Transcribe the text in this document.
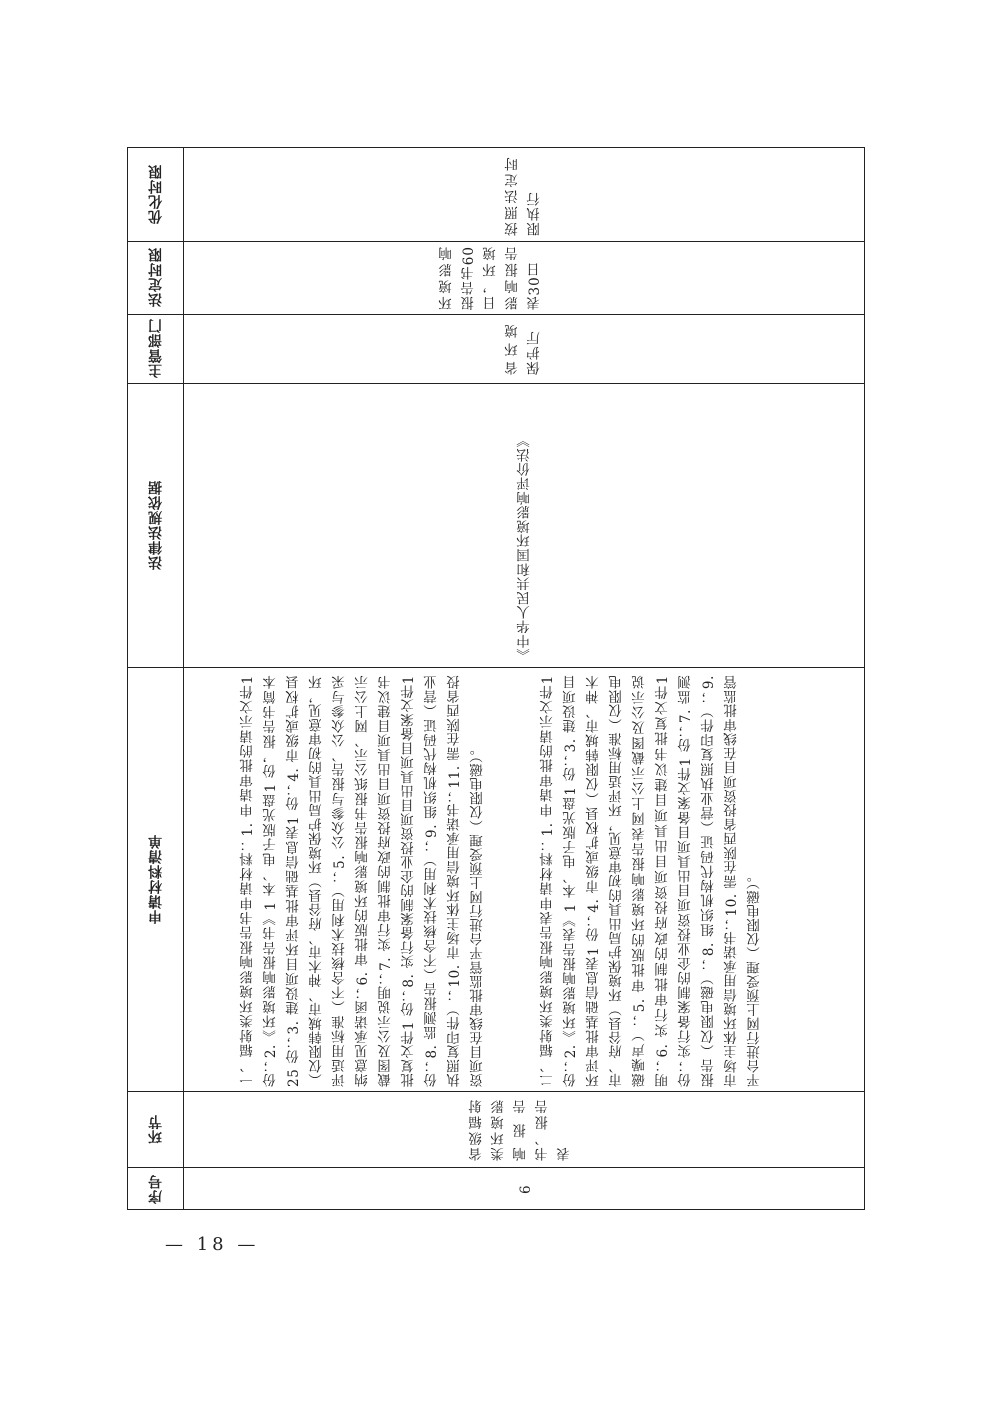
优化时限
法定时限
主管部门
法律法规依据
申请材料清单
环节
序号
按照法定时限执行
环境影响报告书60日，环境影响报告表30日
省环境保护厅
《中华人民共和国环境影响评价法》
一、辐射类环境影响报告书申请材料：1. 申请审批的请示文件1 份；2.《环境影响报告书》1 本、电子版光盘1 份，报告书简本25 份；3. 建设项目环评审批基础信息表1 份；4. 市级或扩权县（仅限韩城市、神木市、府谷县）环境保护局出具的初审意见，环评适用标准（不含核技术利用）；5. 公众参与报告、公众参与采纳意见承诺函；6. 审批版的环境影响报告书报纸公示、网上公示截图及公示说明；7. 实行审批制的政府投资项目出具项目建议书批复文件1 份；8. 实行备案制的企业投资项目出具项目备案文件1 份；8. 监测报告（不含核技术利用）；9. 组织机构代码证（营业执照复印件）；10. 市场主体环境信用承诺书；11. 需在陕西省投资项目在线审批监管平台进行网上预受理（仅限电磁）。	二、辐射类环境影响报告表申请材料：1. 申请审批的请示文件1 份；2.《环境影响报告表》1 本、电子版光盘1 份；3. 建设项目环评审批基础信息表1 份；4. 市级或扩权县（仅限韩城市、神木市、府谷县）环境保护局出具的初审意见，环评适用标准（仅限电磁噪声）；5. 审批版的环境影响报告表网上公示截图及公示说明；6. 实行审批制的政府投资项目出具项目建议书批复文件1 份；实行备案制的企业投资项目出具项目备案文件1 份；7. 监测报告（仅限电磁）；8. 组织机构代码证（营业执照复印件）；9. 市场主体环境信用承诺书；10. 需在陕西省投资项目在线审批监管平台进行网上预受理（仅限电磁）。
省级辐射类环境影响报告书、报告表
6
— 18 —
